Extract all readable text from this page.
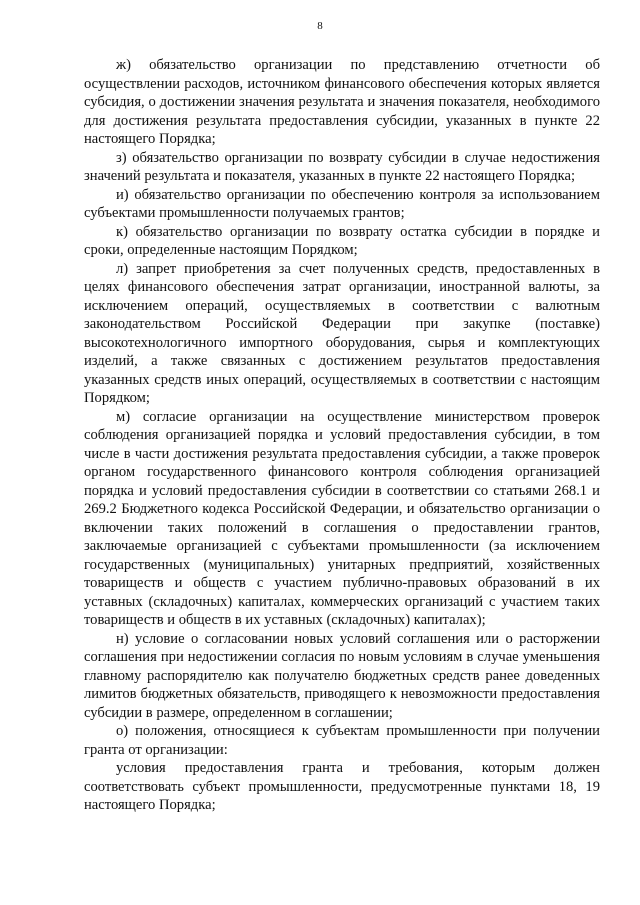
8

ж) обязательство организации по представлению отчетности об осуществлении расходов, источником финансового обеспечения которых является субсидия, о достижении значения результата и значения показателя, необходимого для достижения результата предоставления субсидии, указанных в пункте 22 настоящего Порядка;

з) обязательство организации по возврату субсидии в случае недостижения значений результата и показателя, указанных в пункте 22 настоящего Порядка;

и) обязательство организации по обеспечению контроля за использованием субъектами промышленности получаемых грантов;

к) обязательство организации по возврату остатка субсидии в порядке и сроки, определенные настоящим Порядком;

л) запрет приобретения за счет полученных средств, предоставленных в целях финансового обеспечения затрат организации, иностранной валюты, за исключением операций, осуществляемых в соответствии с валютным законодательством Российской Федерации при закупке (поставке) высокотехнологичного импортного оборудования, сырья и комплектующих изделий, а также связанных с достижением результатов предоставления указанных средств иных операций, осуществляемых в соответствии с настоящим Порядком;

м) согласие организации на осуществление министерством проверок соблюдения организацией порядка и условий предоставления субсидии, в том числе в части достижения результата предоставления субсидии, а также проверок органом государственного финансового контроля соблюдения организацией порядка и условий предоставления субсидии в соответствии со статьями 268.1 и 269.2 Бюджетного кодекса Российской Федерации, и обязательство организации о включении таких положений в соглашения о предоставлении грантов, заключаемые организацией с субъектами промышленности (за исключением государственных (муниципальных) унитарных предприятий, хозяйственных товариществ и обществ с участием публично-правовых образований в их уставных (складочных) капиталах, коммерческих организаций с участием таких товариществ и обществ в их уставных (складочных) капиталах);

н) условие о согласовании новых условий соглашения или о расторжении соглашения при недостижении согласия по новым условиям в случае уменьшения главному распорядителю как получателю бюджетных средств ранее доведенных лимитов бюджетных обязательств, приводящего к невозможности предоставления субсидии в размере, определенном в соглашении;

о) положения, относящиеся к субъектам промышленности при получении гранта от организации:

условия предоставления гранта и требования, которым должен соответствовать субъект промышленности, предусмотренные пунктами 18, 19 настоящего Порядка;
